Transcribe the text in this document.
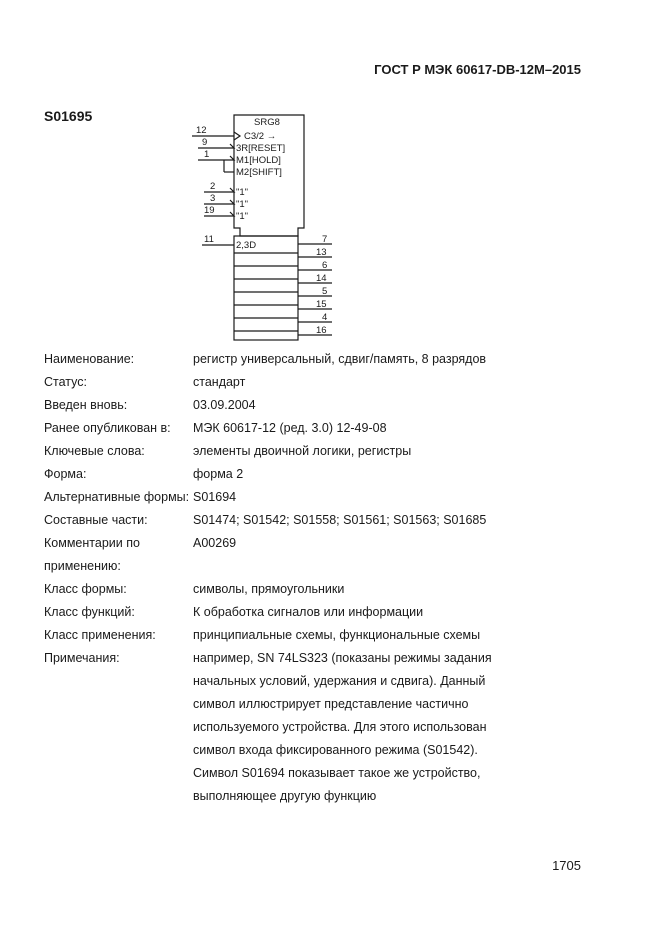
ГОСТ Р МЭК 60617-DB-12M–2015
S01695	SRG8
C3/2 →
3R[RESET]
M1[HOLD]
M2[SHIFT]
"1"
"1"
"1"
12
9
1
2
3
19
11
2,3D
7
13
6
14
5
15
4
16
Наименование:	регистр универсальный, сдвиг/память, 8 разрядов
Статус:	стандарт
Введен вновь:	03.09.2004
Ранее опубликован в:	МЭК 60617-12 (ред. 3.0) 12-49-08
Ключевые слова:	элементы двоичной логики, регистры
Форма:	форма 2
Альтернативные формы: S01694
Составные части:	S01474; S01542; S01558; S01561; S01563; S01685
Комментарии по применению:
A00269
Класс формы:	символы, прямоугольники
Класс функций:	К обработка сигналов или информации
Класс применения:	принципиальные схемы, функциональные схемы
Примечания:	например, SN 74LS323 (показаны режимы задания
начальных условий, удержания и сдвига). Данный
символ иллюстрирует представление частично
используемого устройства. Для этого использован
символ входа фиксированного режима (S01542).
Символ S01694 показывает такое же устройство,
выполняющее другую функцию
1705
